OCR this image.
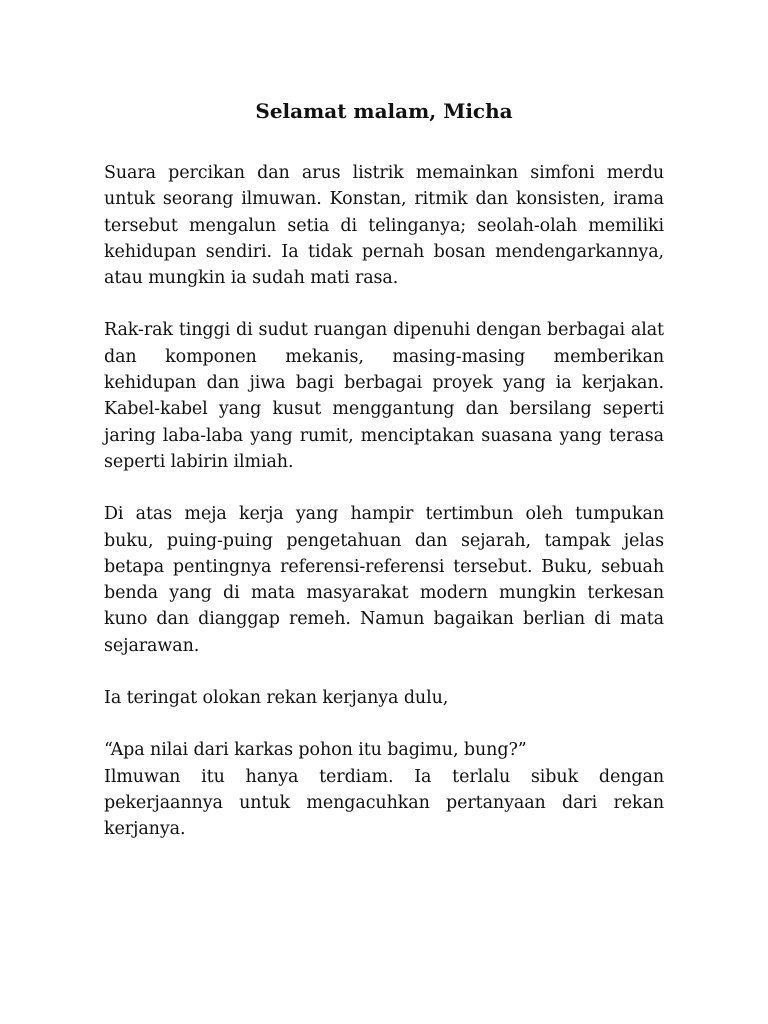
Selamat malam, Micha

Suara percikan dan arus listrik memainkan simfoni merdu untuk seorang ilmuwan. Konstan, ritmik dan konsisten, irama tersebut mengalun setia di telinganya; seolah-olah memiliki kehidupan sendiri. Ia tidak pernah bosan mendengarkannya, atau mungkin ia sudah mati rasa.

Rak-rak tinggi di sudut ruangan dipenuhi dengan berbagai alat dan komponen mekanis, masing-masing memberikan kehidupan dan jiwa bagi berbagai proyek yang ia kerjakan. Kabel-kabel yang kusut menggantung dan bersilang seperti jaring laba-laba yang rumit, menciptakan suasana yang terasa seperti labirin ilmiah.

Di atas meja kerja yang hampir tertimbun oleh tumpukan buku, puing-puing pengetahuan dan sejarah, tampak jelas betapa pentingnya referensi-referensi tersebut. Buku, sebuah benda yang di mata masyarakat modern mungkin terkesan kuno dan dianggap remeh. Namun bagaikan berlian di mata sejarawan.

Ia teringat olokan rekan kerjanya dulu,

“Apa nilai dari karkas pohon itu bagimu, bung?”

Ilmuwan itu hanya terdiam. Ia terlalu sibuk dengan pekerjaannya untuk mengacuhkan pertanyaan dari rekan kerjanya.
